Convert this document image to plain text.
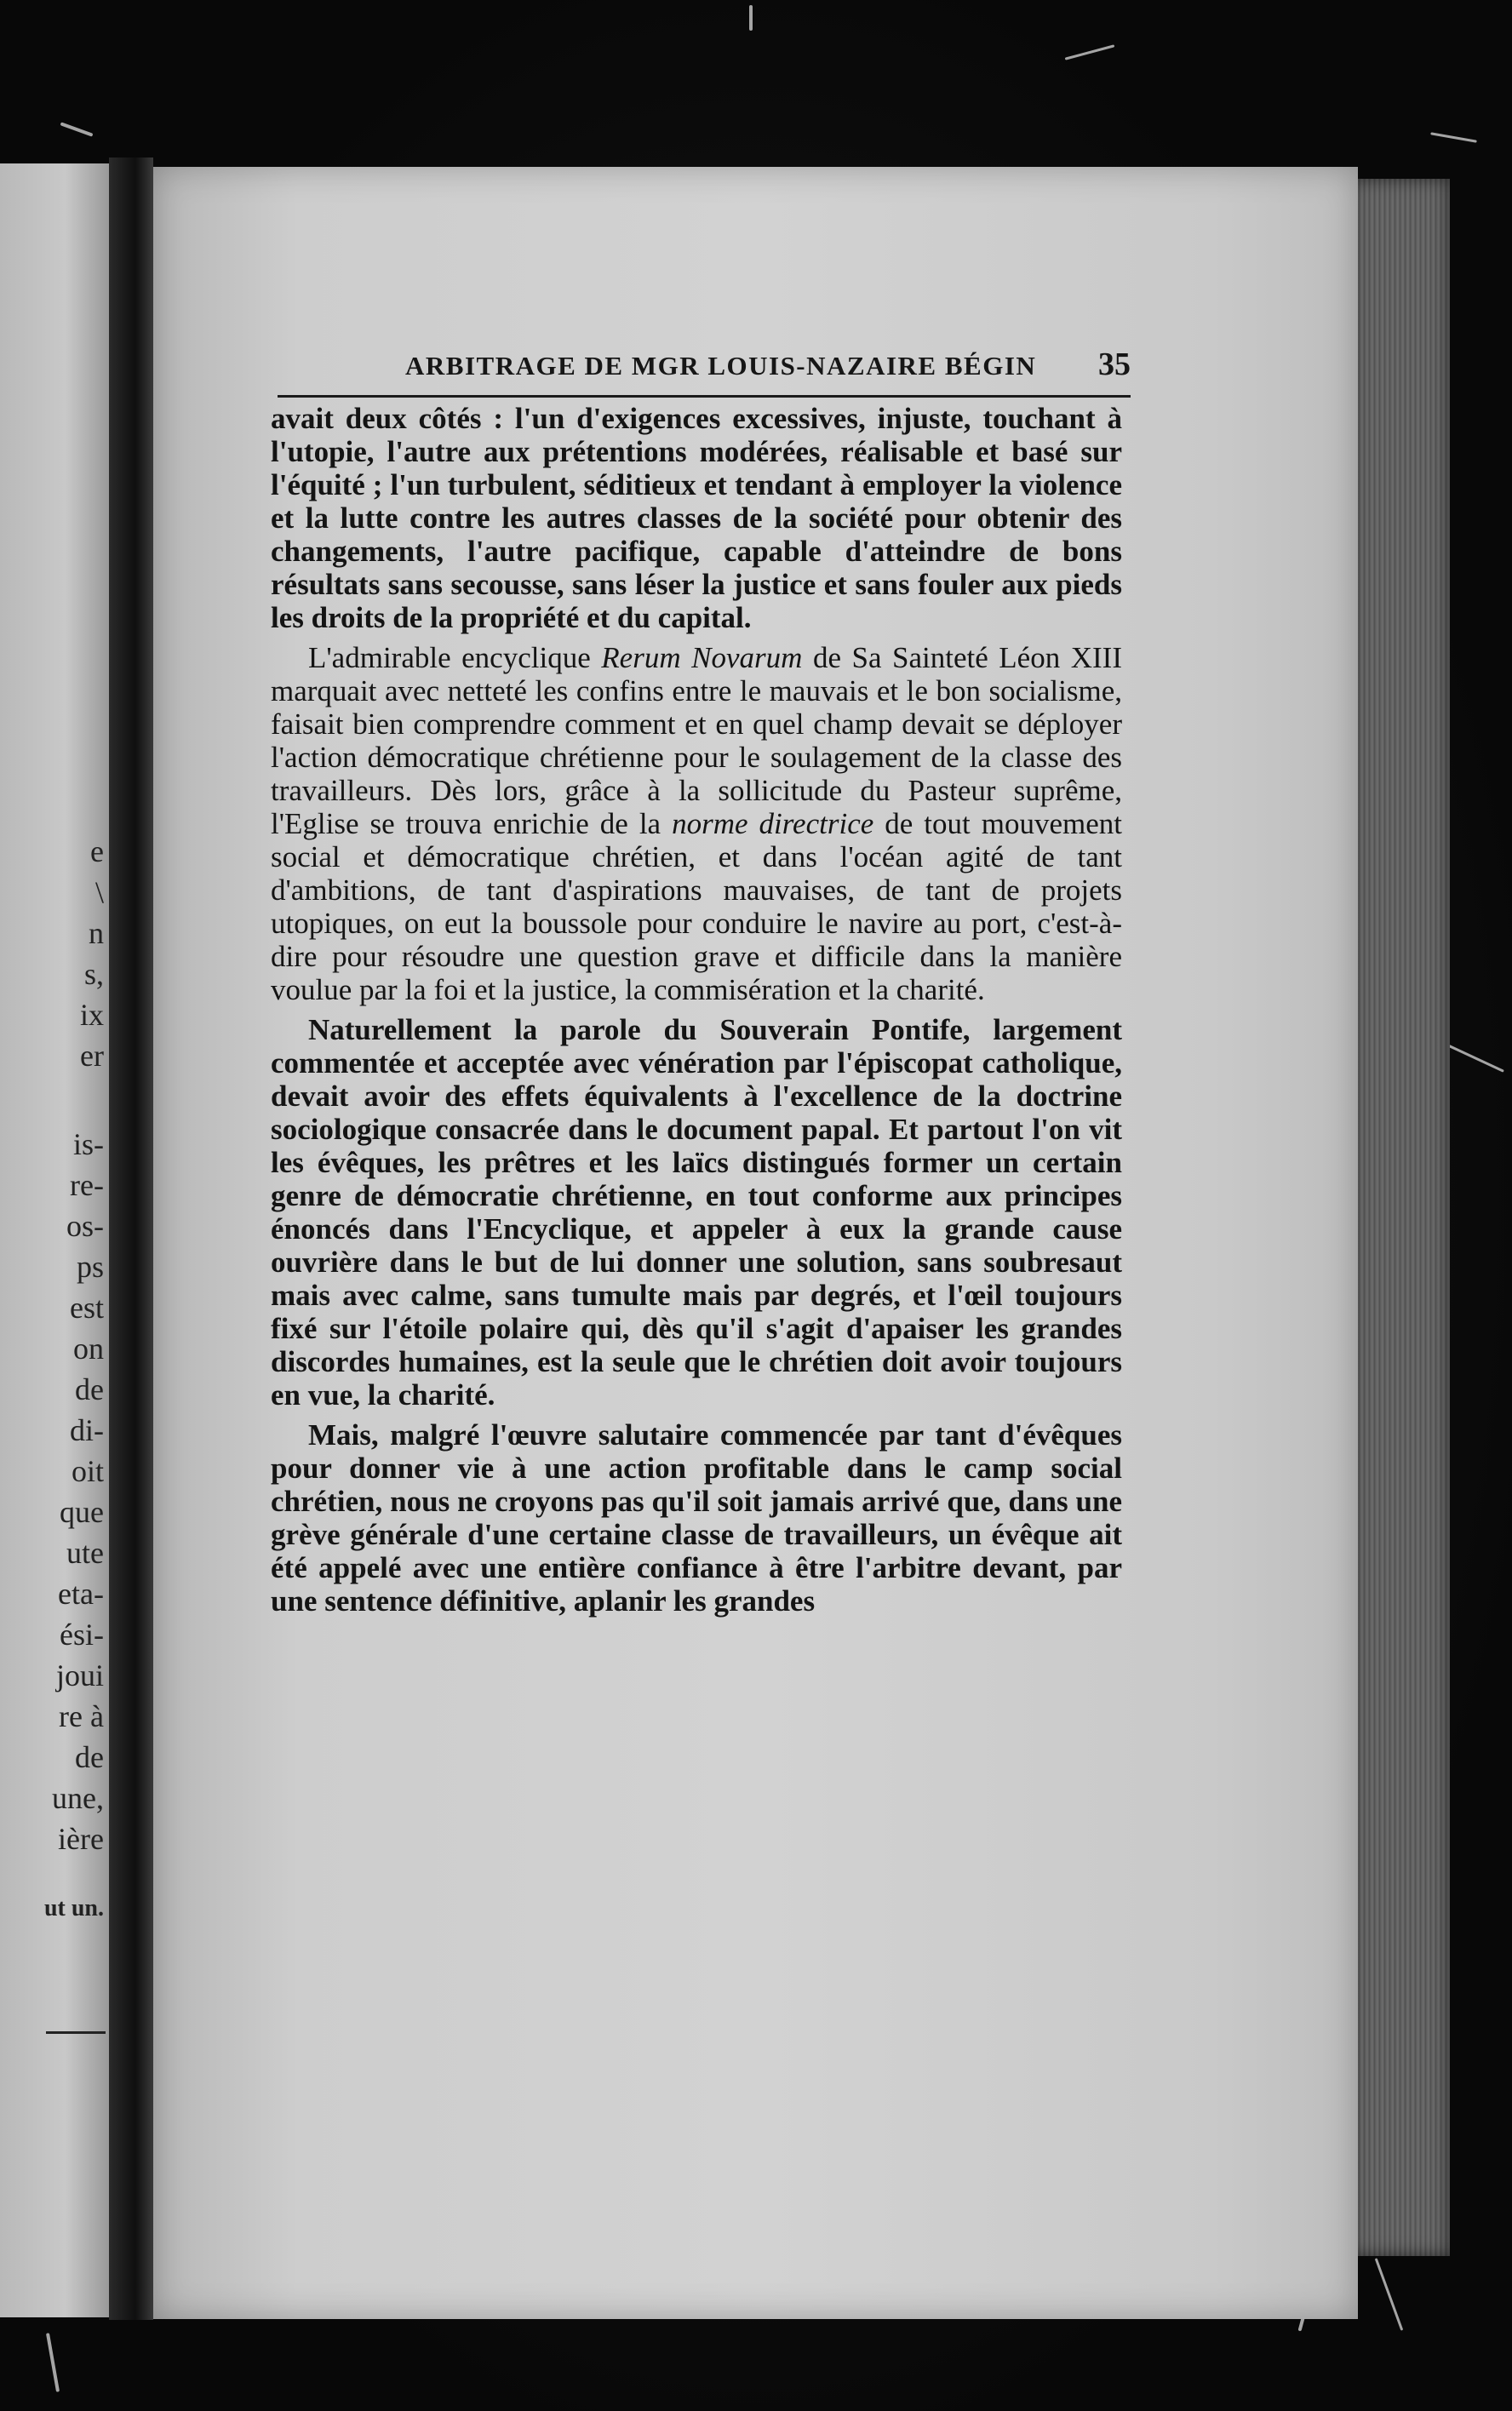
e
\
n
s,
ix
er
is-
re-
os-
ps
est
on
de
di-
oit
que
ute
eta-
ési-
joui
re à
de
une,
ière
ut un.
ARBITRAGE DE MGR LOUIS-NAZAIRE BÉGIN 35

avait deux côtés : l'un d'exigences excessives, injuste, touchant à l'utopie, l'autre aux prétentions modérées, réalisable et basé sur l'équité ; l'un turbulent, séditieux et tendant à employer la violence et la lutte contre les autres classes de la société pour obtenir des changements, l'autre pacifique, capable d'atteindre de bons résultats sans secousse, sans léser la justice et sans fouler aux pieds les droits de la propriété et du capital.

L'admirable encyclique Rerum Novarum de Sa Sainteté Léon XIII marquait avec netteté les confins entre le mauvais et le bon socialisme, faisait bien comprendre comment et en quel champ devait se déployer l'action démocratique chrétienne pour le soulagement de la classe des travailleurs. Dès lors, grâce à la sollicitude du Pasteur suprême, l'Eglise se trouva enrichie de la norme directrice de tout mouvement social et démocratique chrétien, et dans l'océan agité de tant d'ambitions, de tant d'aspirations mauvaises, de tant de projets utopiques, on eut la boussole pour conduire le navire au port, c'est-à-dire pour résoudre une question grave et difficile dans la manière voulue par la foi et la justice, la commisération et la charité.

Naturellement la parole du Souverain Pontife, largement commentée et acceptée avec vénération par l'épiscopat catholique, devait avoir des effets équivalents à l'excellence de la doctrine sociologique consacrée dans le document papal. Et partout l'on vit les évêques, les prêtres et les laïcs distingués former un certain genre de démocratie chrétienne, en tout conforme aux principes énoncés dans l'Encyclique, et appeler à eux la grande cause ouvrière dans le but de lui donner une solution, sans soubresaut mais avec calme, sans tumulte mais par degrés, et l'œil toujours fixé sur l'étoile polaire qui, dès qu'il s'agit d'apaiser les grandes discordes humaines, est la seule que le chrétien doit avoir toujours en vue, la charité.

Mais, malgré l'œuvre salutaire commencée par tant d'évêques pour donner vie à une action profitable dans le camp social chrétien, nous ne croyons pas qu'il soit jamais arrivé que, dans une grève générale d'une certaine classe de travailleurs, un évêque ait été appelé avec une entière confiance à être l'arbitre devant, par une sentence définitive, aplanir les grandes
